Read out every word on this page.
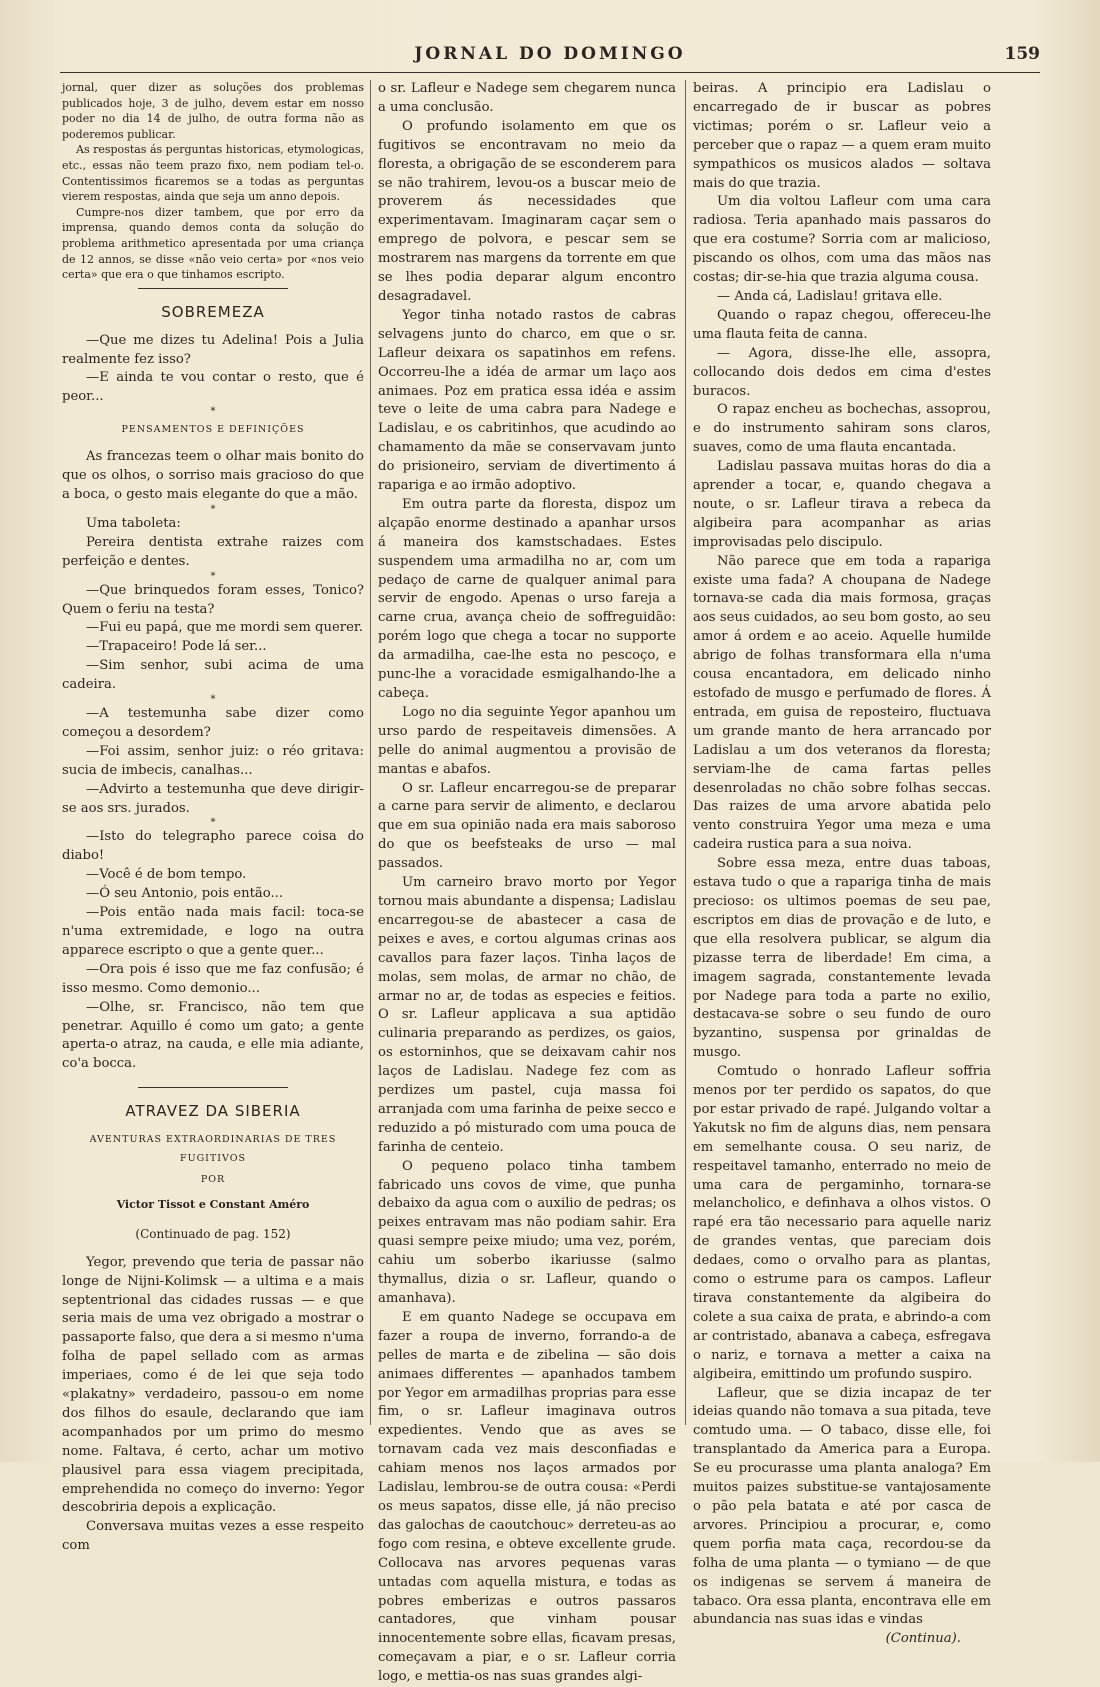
JORNAL DO DOMINGO	159

jornal, quer dizer as soluções dos problemas publicados hoje, 3 de julho, devem estar em nosso poder no dia 14 de julho, de outra forma não as poderemos publicar.

As respostas ás perguntas historicas, etymologicas, etc., essas não teem prazo fixo, nem podiam tel-o. Contentissimos ficaremos se a todas as perguntas vierem respostas, ainda que seja um anno depois.

Cumpre-nos dizer tambem, que por erro da imprensa, quando demos conta da solução do problema arithmetico apresentada por uma criança de 12 annos, se disse «não veio certa» por «nos veio certa» que era o que tinhamos escripto.

SOBREMEZA

—Que me dizes tu Adelina! Pois a Julia realmente fez isso?

—E ainda te vou contar o resto, que é peor...

*
PENSAMENTOS E DEFINIÇÕES

As francezas teem o olhar mais bonito do que os olhos, o sorriso mais gracioso do que a boca, o gesto mais elegante do que a mão.

*

Uma taboleta:

Pereira dentista extrahe raizes com perfeição e dentes.

*

—Que brinquedos foram esses, Tonico? Quem o feriu na testa?

—Fui eu papá, que me mordi sem querer.

—Trapaceiro! Pode lá ser...

—Sim senhor, subi acima de uma cadeira.

*

—A testemunha sabe dizer como começou a desordem?

—Foi assim, senhor juiz: o réo gritava: sucia de imbecis, canalhas...

—Advirto a testemunha que deve dirigir-se aos srs. jurados.

*

—Isto do telegrapho parece coisa do diabo!

—Você é de bom tempo.

—Ó seu Antonio, pois então...

—Pois então nada mais facil: toca-se n'uma extremidade, e logo na outra apparece escripto o que a gente quer...

—Ora pois é isso que me faz confusão; é isso mesmo. Como demonio...

—Olhe, sr. Francisco, não tem que penetrar. Aquillo é como um gato; a gente aperta-o atraz, na cauda, e elle mia adiante, co'a bocca.

ATRAVEZ DA SIBERIA
AVENTURAS EXTRAORDINARIAS DE TRES FUGITIVOS
POR
Victor Tissot e Constant Améro
(Continuado de pag. 152)

Yegor, prevendo que teria de passar não longe de Nijni-Kolimsk — a ultima e a mais septentrional das cidades russas — e que seria mais de uma vez obrigado a mostrar o passaporte falso, que dera a si mesmo n'uma folha de papel sellado com as armas imperiaes, como é de lei que seja todo «plakatny» verdadeiro, passou-o em nome dos filhos do esaule, declarando que iam acompanhados por um primo do mesmo nome. Faltava, é certo, achar um motivo plausivel para essa viagem precipitada, emprehendida no começo do inverno: Yegor descobriria depois a explicação.

Conversava muitas vezes a esse respeito com

o sr. Lafleur e Nadege sem chegarem nunca a uma conclusão.

O profundo isolamento em que os fugitivos se encontravam no meio da floresta, a obrigação de se esconderem para se não trahirem, levou-os a buscar meio de proverem ás necessidades que experimentavam. Imaginaram caçar sem o emprego de polvora, e pescar sem se mostrarem nas margens da torrente em que se lhes podia deparar algum encontro desagradavel.

Yegor tinha notado rastos de cabras selvagens junto do charco, em que o sr. Lafleur deixara os sapatinhos em refens. Occorreu-lhe a idéa de armar um laço aos animaes. Poz em pratica essa idéa e assim teve o leite de uma cabra para Nadege e Ladislau, e os cabritinhos, que acudindo ao chamamento da mãe se conservavam junto do prisioneiro, serviam de divertimento á rapariga e ao irmão adoptivo.

Em outra parte da floresta, dispoz um alçapão enorme destinado a apanhar ursos á maneira dos kamstschadaes. Estes suspendem uma armadilha no ar, com um pedaço de carne de qualquer animal para servir de engodo. Apenas o urso fareja a carne crua, avança cheio de soffreguidão: porém logo que chega a tocar no supporte da armadilha, cae-lhe esta no pescoço, e punc-lhe a voracidade esmigalhando-lhe a cabeça.

Logo no dia seguinte Yegor apanhou um urso pardo de respeitaveis dimensões. A pelle do animal augmentou a provisão de mantas e abafos.

O sr. Lafleur encarregou-se de preparar a carne para servir de alimento, e declarou que em sua opinião nada era mais saboroso do que os beefsteaks de urso — mal passados.

Um carneiro bravo morto por Yegor tornou mais abundante a dispensa; Ladislau encarregou-se de abastecer a casa de peixes e aves, e cortou algumas crinas aos cavallos para fazer laços. Tinha laços de molas, sem molas, de armar no chão, de armar no ar, de todas as especies e feitios. O sr. Lafleur applicava a sua aptidão culinaria preparando as perdizes, os gaios, os estorninhos, que se deixavam cahir nos laços de Ladislau. Nadege fez com as perdizes um pastel, cuja massa foi arranjada com uma farinha de peixe secco e reduzido a pó misturado com uma pouca de farinha de centeio.

O pequeno polaco tinha tambem fabricado uns covos de vime, que punha debaixo da agua com o auxilio de pedras; os peixes entravam mas não podiam sahir. Era quasi sempre peixe miudo; uma vez, porém, cahiu um soberbo ikariusse (salmo thymallus, dizia o sr. Lafleur, quando o amanhava).

E em quanto Nadege se occupava em fazer a roupa de inverno, forrando-a de pelles de marta e de zibelina — são dois animaes differentes — apanhados tambem por Yegor em armadilhas proprias para esse fim, o sr. Lafleur imaginava outros expedientes. Vendo que as aves se tornavam cada vez mais desconfiadas e cahiam menos nos laços armados por Ladislau, lembrou-se de outra cousa: «Perdi os meus sapatos, disse elle, já não preciso das galochas de caoutchouc» derreteu-as ao fogo com resina, e obteve excellente grude. Collocava nas arvores pequenas varas untadas com aquella mistura, e todas as pobres emberizas e outros passaros cantadores, que vinham pousar innocentemente sobre ellas, ficavam presas, começavam a piar, e o sr. Lafleur corria logo, e mettia-os nas suas grandes algi-

beiras. A principio era Ladislau o encarregado de ir buscar as pobres victimas; porém o sr. Lafleur veio a perceber que o rapaz — a quem eram muito sympathicos os musicos alados — soltava mais do que trazia.

Um dia voltou Lafleur com uma cara radiosa. Teria apanhado mais passaros do que era costume? Sorria com ar malicioso, piscando os olhos, com uma das mãos nas costas; dir-se-hia que trazia alguma cousa.

— Anda cá, Ladislau! gritava elle.

Quando o rapaz chegou, offereceu-lhe uma flauta feita de canna.

— Agora, disse-lhe elle, assopra, collocando dois dedos em cima d'estes buracos.

O rapaz encheu as bochechas, assoprou, e do instrumento sahiram sons claros, suaves, como de uma flauta encantada.

Ladislau passava muitas horas do dia a aprender a tocar, e, quando chegava a noute, o sr. Lafleur tirava a rebeca da algibeira para acompanhar as arias improvisadas pelo discipulo.

Não parece que em toda a rapariga existe uma fada? A choupana de Nadege tornava-se cada dia mais formosa, graças aos seus cuidados, ao seu bom gosto, ao seu amor á ordem e ao aceio. Aquelle humilde abrigo de folhas transformara ella n'uma cousa encantadora, em delicado ninho estofado de musgo e perfumado de flores. Á entrada, em guisa de reposteiro, fluctuava um grande manto de hera arrancado por Ladislau a um dos veteranos da floresta; serviam-lhe de cama fartas pelles desenroladas no chão sobre folhas seccas. Das raizes de uma arvore abatida pelo vento construira Yegor uma meza e uma cadeira rustica para a sua noiva.

Sobre essa meza, entre duas taboas, estava tudo o que a rapariga tinha de mais precioso: os ultimos poemas de seu pae, escriptos em dias de provação e de luto, e que ella resolvera publicar, se algum dia pizasse terra de liberdade! Em cima, a imagem sagrada, constantemente levada por Nadege para toda a parte no exilio, destacava-se sobre o seu fundo de ouro byzantino, suspensa por grinaldas de musgo.

Comtudo o honrado Lafleur soffria menos por ter perdido os sapatos, do que por estar privado de rapé. Julgando voltar a Yakutsk no fim de alguns dias, nem pensara em semelhante cousa. O seu nariz, de respeitavel tamanho, enterrado no meio de uma cara de pergaminho, tornara-se melancholico, e definhava a olhos vistos. O rapé era tão necessario para aquelle nariz de grandes ventas, que pareciam dois dedaes, como o orvalho para as plantas, como o estrume para os campos. Lafleur tirava constantemente da algibeira do colete a sua caixa de prata, e abrindo-a com ar contristado, abanava a cabeça, esfregava o nariz, e tornava a metter a caixa na algibeira, emittindo um profundo suspiro.

Lafleur, que se dizia incapaz de ter ideias quando não tomava a sua pitada, teve comtudo uma. — O tabaco, disse elle, foi transplantado da America para a Europa. Se eu procurasse uma planta analoga? Em muitos paizes substitue-se vantajosamente o pão pela batata e até por casca de arvores. Principiou a procurar, e, como quem porfia mata caça, recordou-se da folha de uma planta — o tymiano — de que os indigenas se servem á maneira de tabaco. Ora essa planta, encontrava elle em abundancia nas suas idas e vindas

(Continua).
